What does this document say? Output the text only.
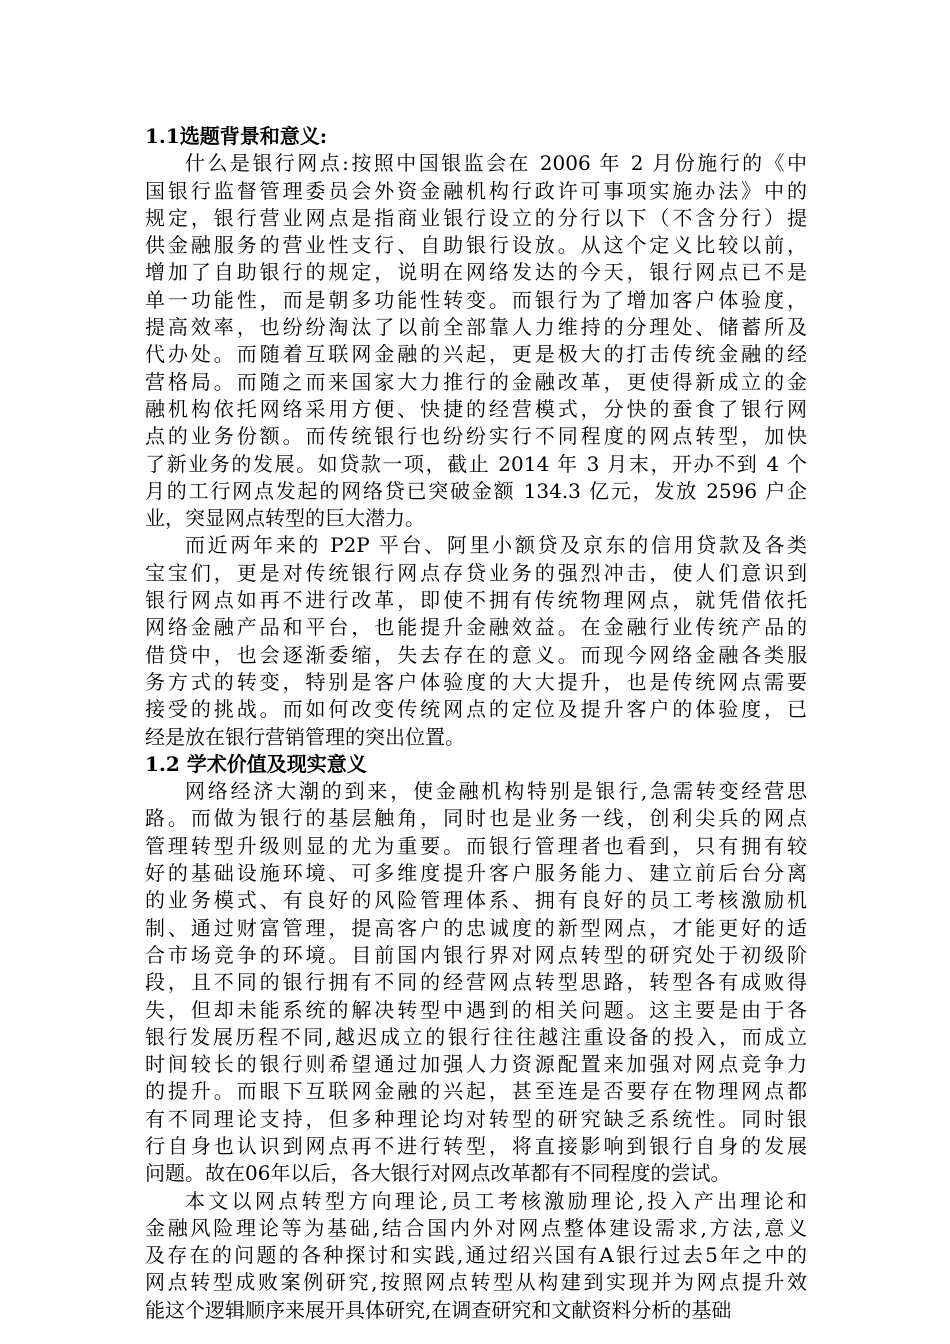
1.1选题背景和意义:

什么是银行网点:按照中国银监会在 2006 年 2 月份施行的《中
国银行监督管理委员会外资金融机构行政许可事项实施办法》中的
规定，银行营业网点是指商业银行设立的分行以下（不含分行）提
供金融服务的营业性支行、自助银行设放。从这个定义比较以前，
增加了自助银行的规定，说明在网络发达的今天，银行网点已不是
单一功能性，而是朝多功能性转变。而银行为了增加客户体验度，
提高效率，也纷纷淘汰了以前全部靠人力维持的分理处、储蓄所及
代办处。而随着互联网金融的兴起，更是极大的打击传统金融的经
营格局。而随之而来国家大力推行的金融改革，更使得新成立的金
融机构依托网络采用方便、快捷的经营模式，分快的蚕食了银行网
点的业务份额。而传统银行也纷纷实行不同程度的网点转型，加快
了新业务的发展。如贷款一项，截止 2014 年 3 月末，开办不到 4 个
月的工行网点发起的网络贷已突破金额 134.3 亿元，发放 2596 户企
业，突显网点转型的巨大潜力。

而近两年来的 P2P 平台、阿里小额贷及京东的信用贷款及各类
宝宝们，更是对传统银行网点存贷业务的强烈冲击，使人们意识到
银行网点如再不进行改革，即使不拥有传统物理网点，就凭借依托
网络金融产品和平台，也能提升金融效益。在金融行业传统产品的
借贷中，也会逐渐委缩，失去存在的意义。而现今网络金融各类服
务方式的转变，特别是客户体验度的大大提升，也是传统网点需要
接受的挑战。而如何改变传统网点的定位及提升客户的体验度，已
经是放在银行营销管理的突出位置。

1.2 学术价值及现实意义

网络经济大潮的到来，使金融机构特别是银行,急需转变经营思
路。而做为银行的基层触角，同时也是业务一线，创利尖兵的网点
管理转型升级则显的尤为重要。而银行管理者也看到，只有拥有较
好的基础设施环境、可多维度提升客户服务能力、建立前后台分离
的业务模式、有良好的风险管理体系、拥有良好的员工考核激励机
制、通过财富管理，提高客户的忠诚度的新型网点，才能更好的适
合市场竞争的环境。目前国内银行界对网点转型的研究处于初级阶
段，且不同的银行拥有不同的经营网点转型思路，转型各有成败得
失，但却未能系统的解决转型中遇到的相关问题。这主要是由于各
银行发展历程不同,越迟成立的银行往往越注重设备的投入，而成立
时间较长的银行则希望通过加强人力资源配置来加强对网点竞争力
的提升。而眼下互联网金融的兴起，甚至连是否要存在物理网点都
有不同理论支持，但多种理论均对转型的研究缺乏系统性。同时银
行自身也认识到网点再不进行转型，将直接影响到银行自身的发展
问题。故在06年以后，各大银行对网点改革都有不同程度的尝试。

本文以网点转型方向理论,员工考核激励理论,投入产出理论和
金融风险理论等为基础,结合国内外对网点整体建设需求,方法,意义
及存在的问题的各种探讨和实践,通过绍兴国有A银行过去5年之中的
网点转型成败案例研究,按照网点转型从构建到实现并为网点提升效
能这个逻辑顺序来展开具体研究,在调查研究和文献资料分析的基础
